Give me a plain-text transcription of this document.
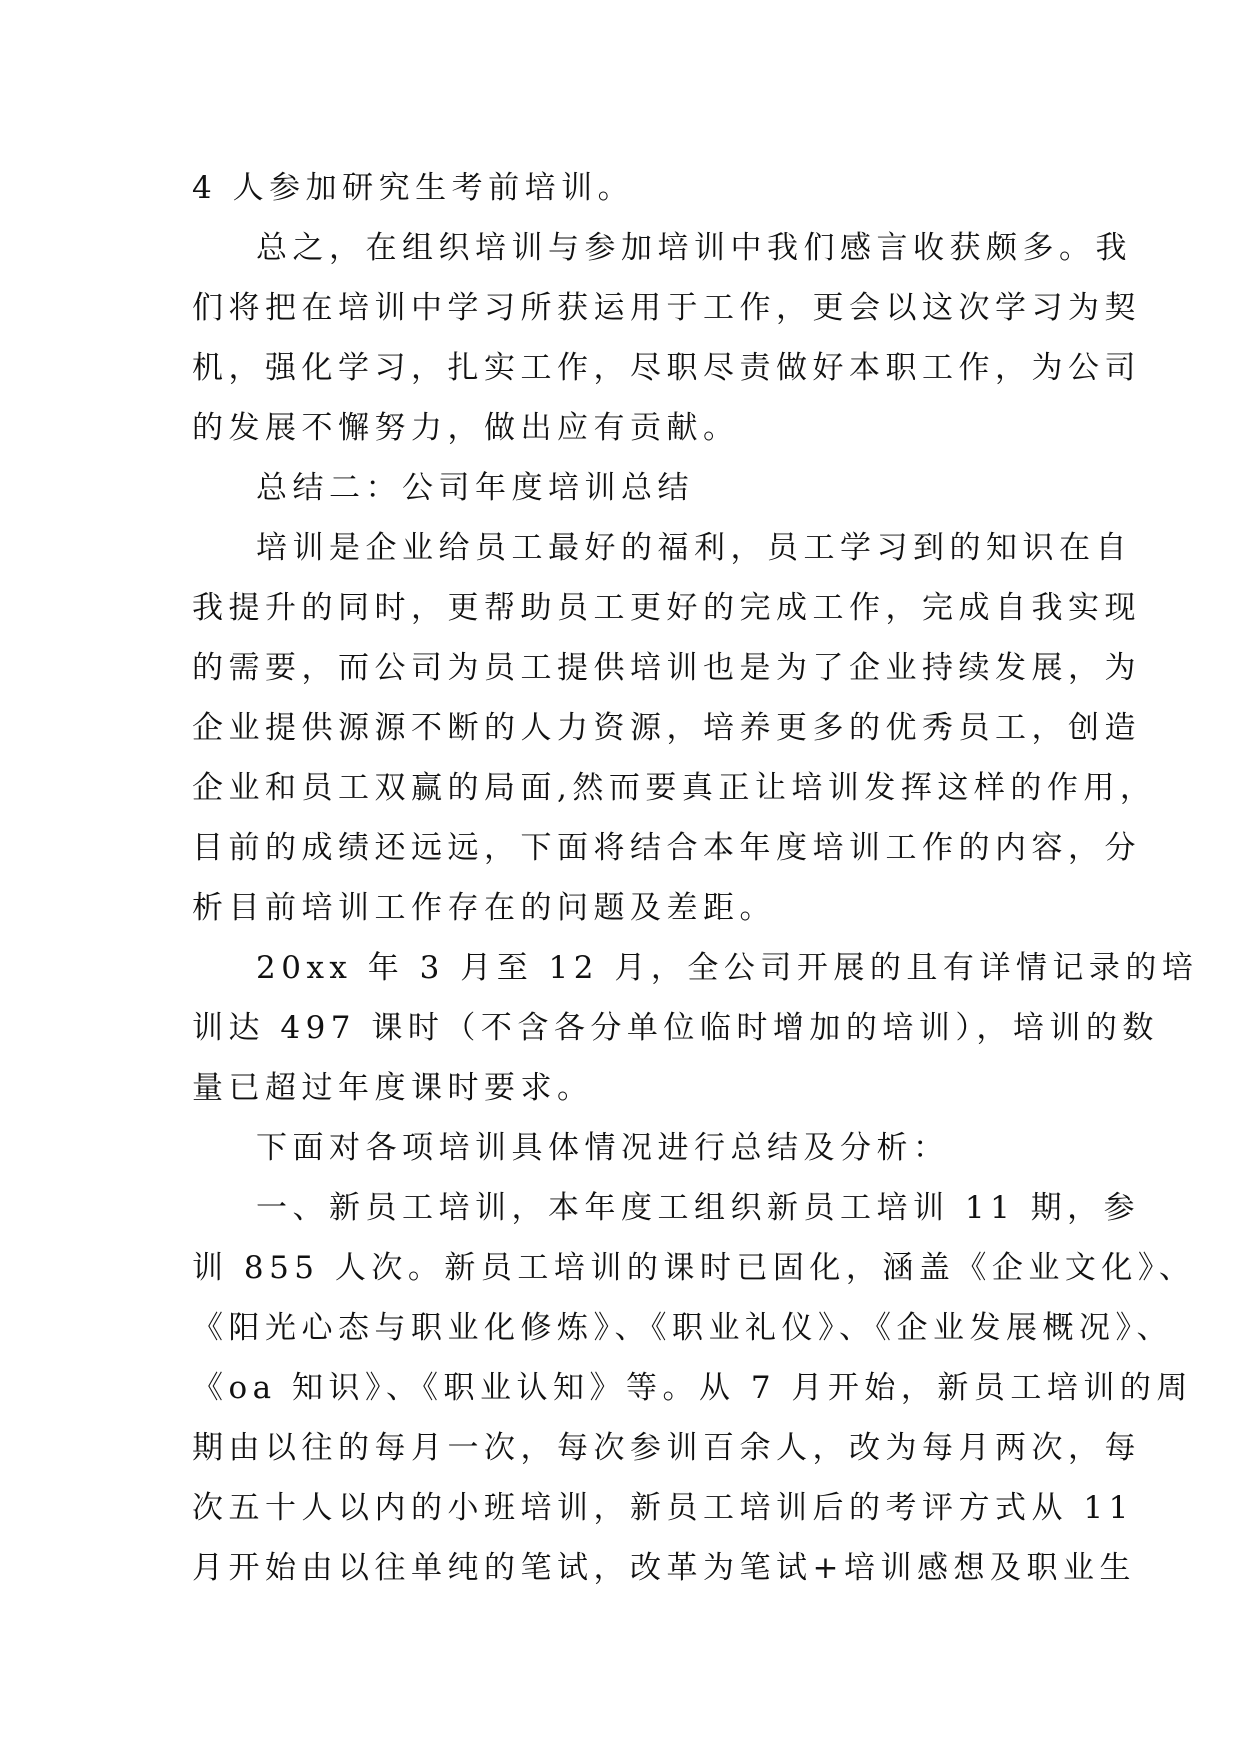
4 人参加研究生考前培训。
总之，在组织培训与参加培训中我们感言收获颇多。我
们将把在培训中学习所获运用于工作，更会以这次学习为契
机，强化学习，扎实工作，尽职尽责做好本职工作，为公司
的发展不懈努力，做出应有贡献。
总结二：公司年度培训总结
培训是企业给员工最好的福利，员工学习到的知识在自
我提升的同时，更帮助员工更好的完成工作，完成自我实现
的需要，而公司为员工提供培训也是为了企业持续发展，为
企业提供源源不断的人力资源，培养更多的优秀员工，创造
企业和员工双赢的局面,然而要真正让培训发挥这样的作用，
目前的成绩还远远，下面将结合本年度培训工作的内容，分
析目前培训工作存在的问题及差距。
20xx 年 3 月至 12 月，全公司开展的且有详情记录的培
训达 497 课时（不含各分单位临时增加的培训），培训的数
量已超过年度课时要求。
下面对各项培训具体情况进行总结及分析：
一、新员工培训，本年度工组织新员工培训 11 期，参
训 855 人次。新员工培训的课时已固化，涵盖《企业文化》、
《阳光心态与职业化修炼》、《职业礼仪》、《企业发展概况》、
《oa 知识》、《职业认知》等。从 7 月开始，新员工培训的周
期由以往的每月一次，每次参训百余人，改为每月两次，每
次五十人以内的小班培训，新员工培训后的考评方式从 11
月开始由以往单纯的笔试，改革为笔试+培训感想及职业生
